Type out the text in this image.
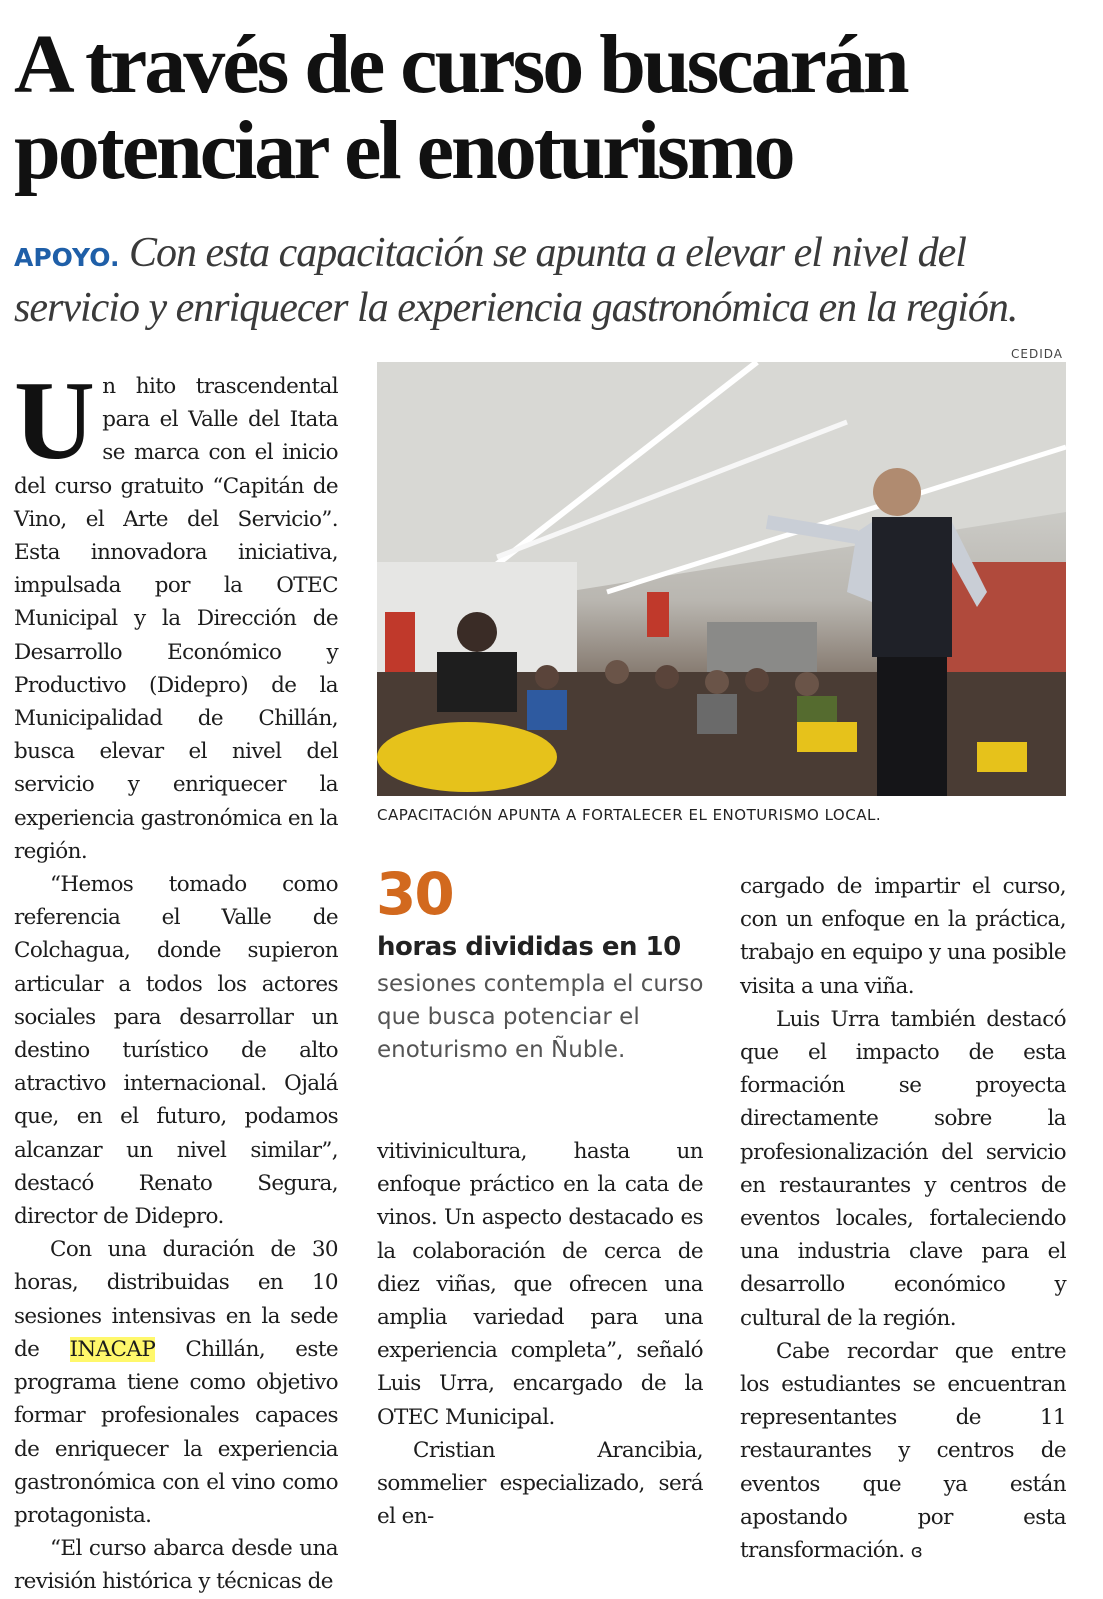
A través de curso buscarán
potenciar el enoturismo

APOYO. Con esta capacitación se apunta a elevar el nivel del servicio y enriquecer la experiencia gastronómica en la región.

CEDIDA

CAPACITACIÓN APUNTA A FORTALECER EL ENOTURISMO LOCAL.

Un hito trascendental para el Valle del Itata se marca con el inicio del curso gratuito “Capitán de Vino, el Arte del Servicio”. Esta innovadora iniciativa, impulsada por la OTEC Municipal y la Dirección de Desarrollo Económico y Productivo (Didepro) de la Municipalidad de Chillán, busca elevar el nivel del servicio y enriquecer la experiencia gastronómica en la región.

“Hemos tomado como referencia el Valle de Colchagua, donde supieron articular a todos los actores sociales para desarrollar un destino turístico de alto atractivo internacional. Ojalá que, en el futuro, podamos alcanzar un nivel similar”, destacó Renato Segura, director de Didepro.

Con una duración de 30 horas, distribuidas en 10 sesiones intensivas en la sede de INACAP Chillán, este programa tiene como objetivo formar profesionales capaces de enriquecer la experiencia gastronómica con el vino como protagonista.

“El curso abarca desde una revisión histórica y técnicas de

30
horas divididas en 10

sesiones contempla el curso que busca potenciar el enoturismo en Ñuble.

vitivinicultura, hasta un enfoque práctico en la cata de vinos. Un aspecto destacado es la colaboración de cerca de diez viñas, que ofrecen una amplia variedad para una experiencia completa”, señaló Luis Urra, encargado de la OTEC Municipal.

Cristian Arancibia, sommelier especializado, será el en-

cargado de impartir el curso, con un enfoque en la práctica, trabajo en equipo y una posible visita a una viña.

Luis Urra también destacó que el impacto de esta formación se proyecta directamente sobre la profesionalización del servicio en restaurantes y centros de eventos locales, fortaleciendo una industria clave para el desarrollo económico y cultural de la región.

Cabe recordar que entre los estudiantes se encuentran representantes de 11 restaurantes y centros de eventos que ya están apostando por esta transformación. ɞ
